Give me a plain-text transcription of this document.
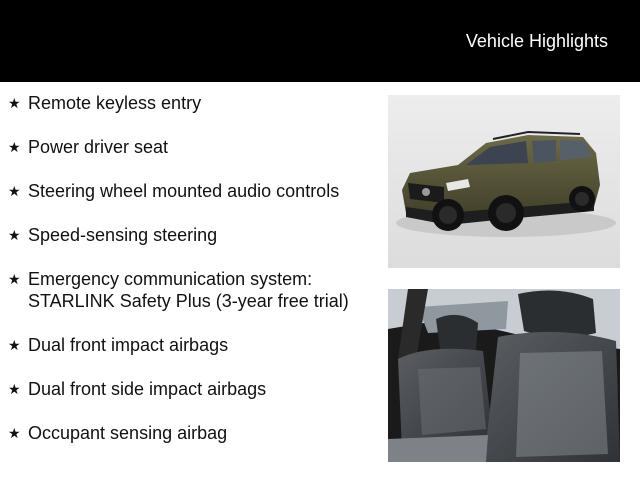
Vehicle Highlights
★ Remote keyless entry
★ Power driver seat
★ Steering wheel mounted audio controls
★ Speed-sensing steering
★ Emergency communication system: STARLINK Safety Plus (3-year free trial)
★ Dual front impact airbags
★ Dual front side impact airbags
★ Occupant sensing airbag
